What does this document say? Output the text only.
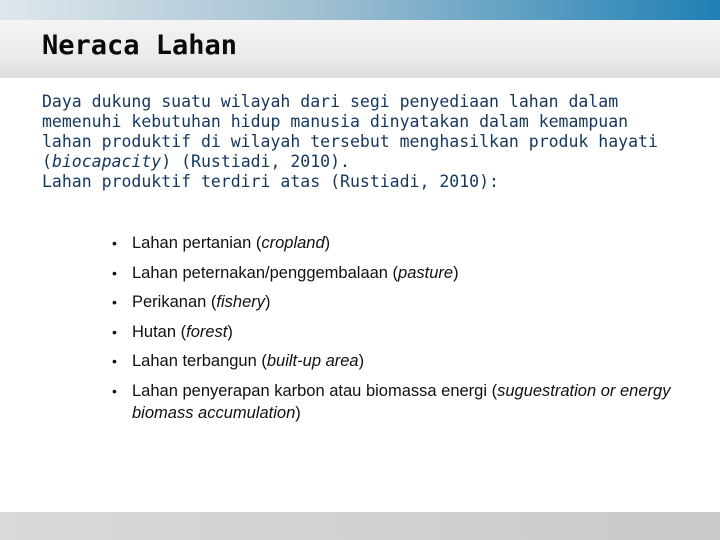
Neraca Lahan

Daya dukung suatu wilayah dari segi penyediaan lahan dalam memenuhi kebutuhan hidup manusia dinyatakan dalam kemampuan lahan produktif di wilayah tersebut menghasilkan produk hayati (biocapacity) (Rustiadi, 2010).

Lahan produktif terdiri atas (Rustiadi, 2010):

• Lahan pertanian (cropland)
• Lahan peternakan/penggembalaan (pasture)
• Perikanan (fishery)
• Hutan (forest)
• Lahan terbangun (built-up area)
• Lahan penyerapan karbon atau biomassa energi (suguestration or energy biomass accumulation)
